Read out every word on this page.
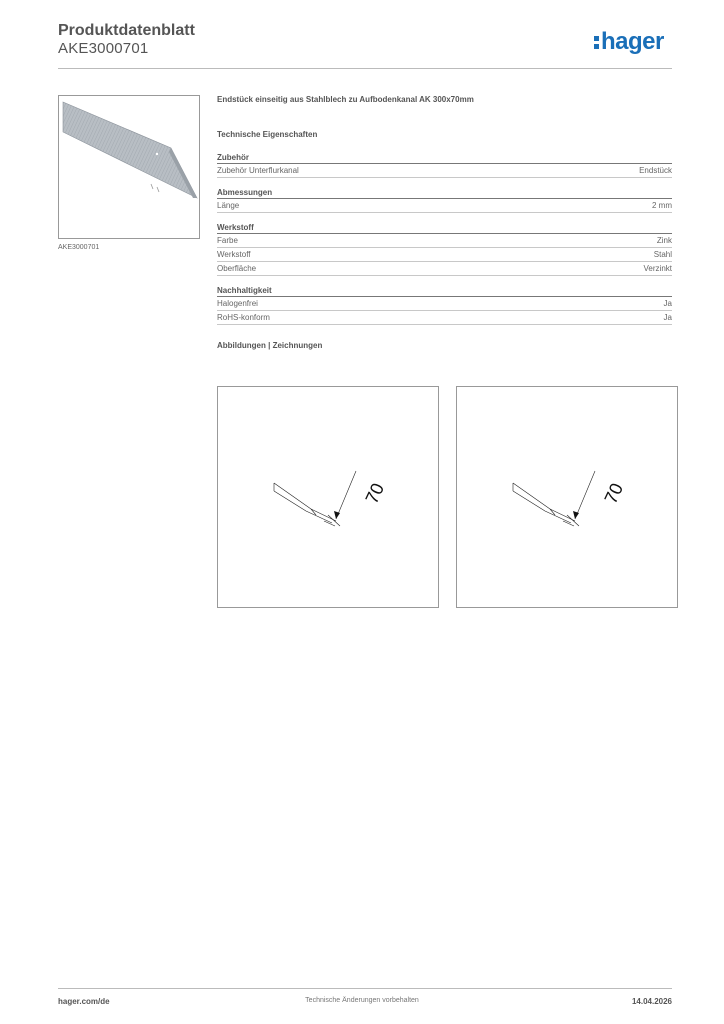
Produktdatenblatt
AKE3000701	hager
AKE3000701
Endstück einseitig aus Stahlblech zu Aufbodenkanal AK 300x70mm
Technische Eigenschaften
Zubehör
Zubehör Unterflurkanal	Endstück
Abmessungen
Länge	2 mm
Werkstoff
Farbe	Zink
Werkstoff	Stahl
Oberfläche	Verzinkt
Nachhaltigkeit
Halogenfrei	Ja
RoHS-konform	Ja
Abbildungen | Zeichnungen
70	70
hager.com/de	Technische Änderungen vorbehalten	14.04.2026
